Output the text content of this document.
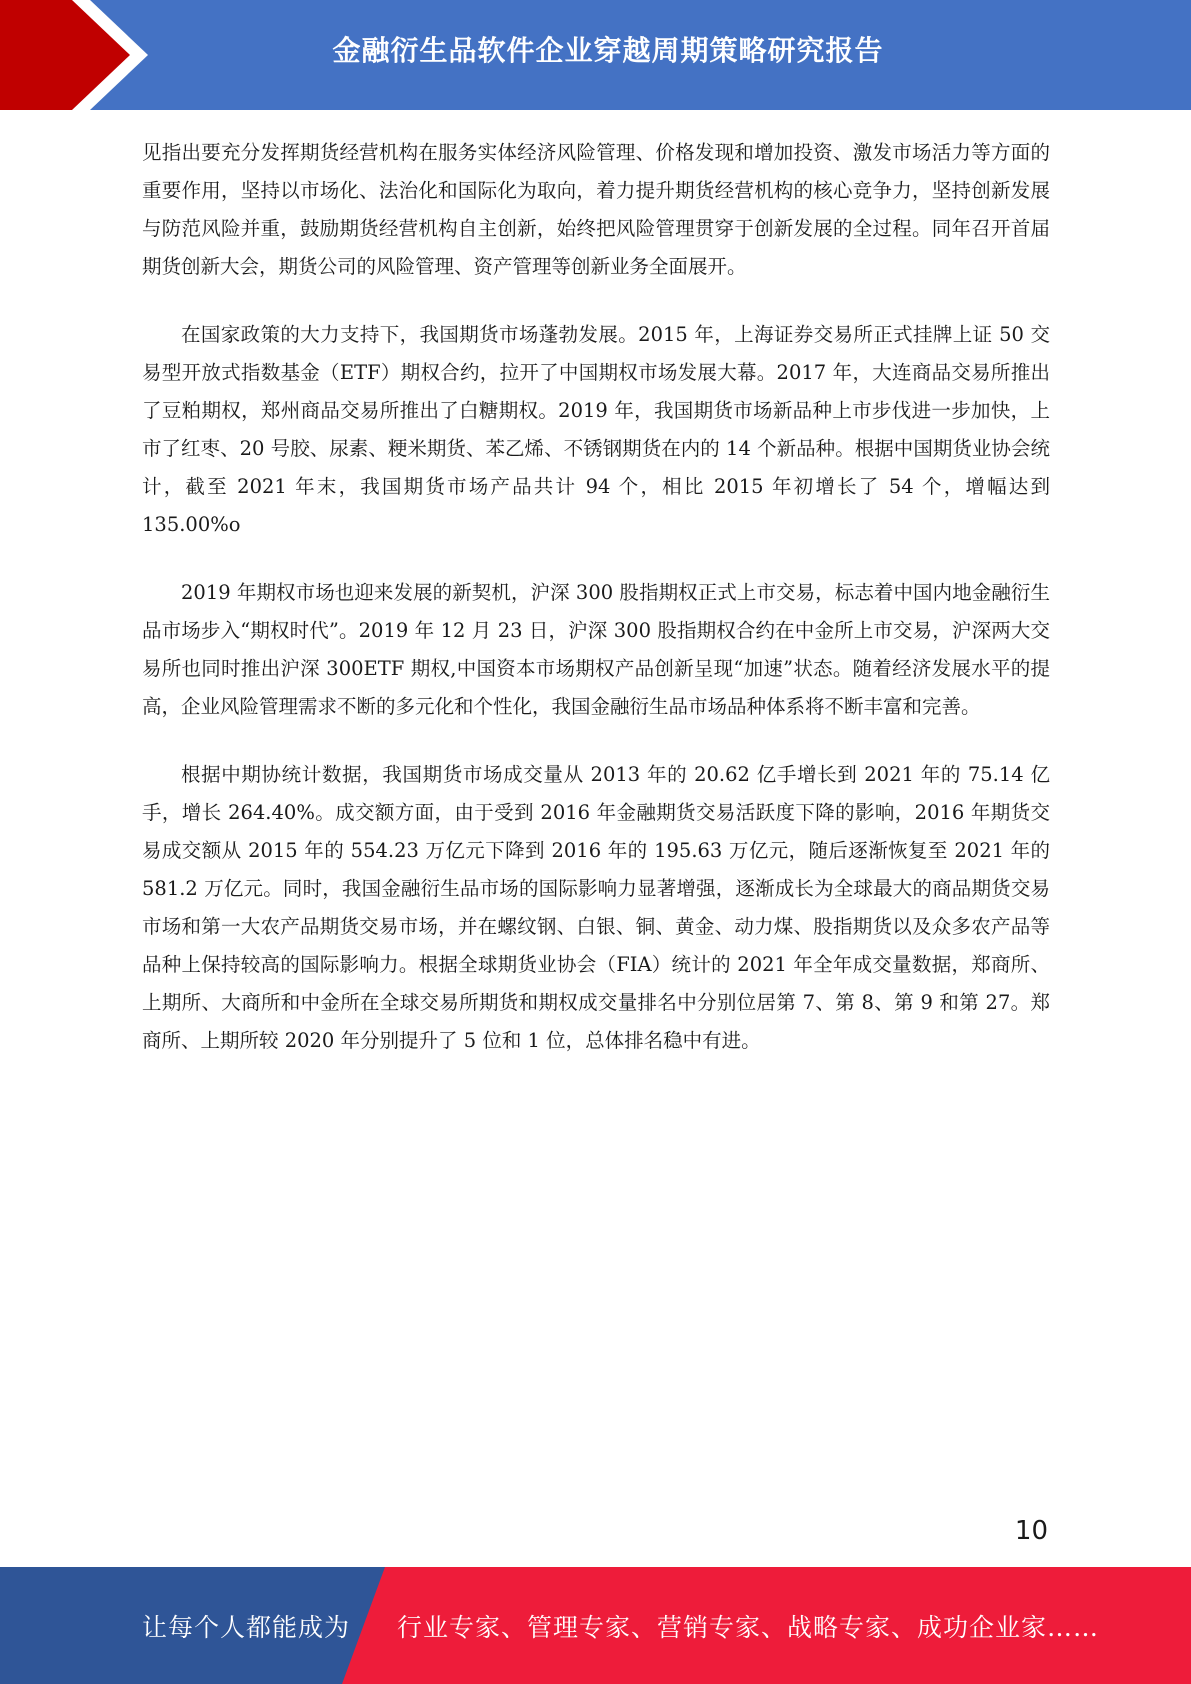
金融衍生品软件企业穿越周期策略研究报告

见指出要充分发挥期货经营机构在服务实体经济风险管理、价格发现和增加投资、激发市场活力等方面的重要作用，坚持以市场化、法治化和国际化为取向，着力提升期货经营机构的核心竞争力，坚持创新发展与防范风险并重，鼓励期货经营机构自主创新，始终把风险管理贯穿于创新发展的全过程。同年召开首届期货创新大会，期货公司的风险管理、资产管理等创新业务全面展开。

在国家政策的大力支持下，我国期货市场蓬勃发展。2015 年，上海证券交易所正式挂牌上证 50 交易型开放式指数基金（ETF）期权合约，拉开了中国期权市场发展大幕。2017 年，大连商品交易所推出了豆粕期权，郑州商品交易所推出了白糖期权。2019 年，我国期货市场新品种上市步伐进一步加快，上市了红枣、20 号胶、尿素、粳米期货、苯乙烯、不锈钢期货在内的 14 个新品种。根据中国期货业协会统计，截至 2021 年末，我国期货市场产品共计 94 个，相比 2015 年初增长了 54 个，增幅达到 135.00%o

2019 年期权市场也迎来发展的新契机，沪深 300 股指期权正式上市交易，标志着中国内地金融衍生品市场步入“期权时代”。2019 年 12 月 23 日，沪深 300 股指期权合约在中金所上市交易，沪深两大交易所也同时推出沪深 300ETF 期权,中国资本市场期权产品创新呈现“加速”状态。随着经济发展水平的提高，企业风险管理需求不断的多元化和个性化，我国金融衍生品市场品种体系将不断丰富和完善。

根据中期协统计数据，我国期货市场成交量从 2013 年的 20.62 亿手增长到 2021 年的 75.14 亿手，增长 264.40%。成交额方面，由于受到 2016 年金融期货交易活跃度下降的影响，2016 年期货交易成交额从 2015 年的 554.23 万亿元下降到 2016 年的 195.63 万亿元，随后逐渐恢复至 2021 年的 581.2 万亿元。同时，我国金融衍生品市场的国际影响力显著增强，逐渐成长为全球最大的商品期货交易市场和第一大农产品期货交易市场，并在螺纹钢、白银、铜、黄金、动力煤、股指期货以及众多农产品等品种上保持较高的国际影响力。根据全球期货业协会（FIA）统计的 2021 年全年成交量数据，郑商所、上期所、大商所和中金所在全球交易所期货和期权成交量排名中分别位居第 7、第 8、第 9 和第 27。郑商所、上期所较 2020 年分别提升了 5 位和 1 位，总体排名稳中有进。

10
让每个人都能成为 行业专家、管理专家、营销专家、战略专家、成功企业家……
